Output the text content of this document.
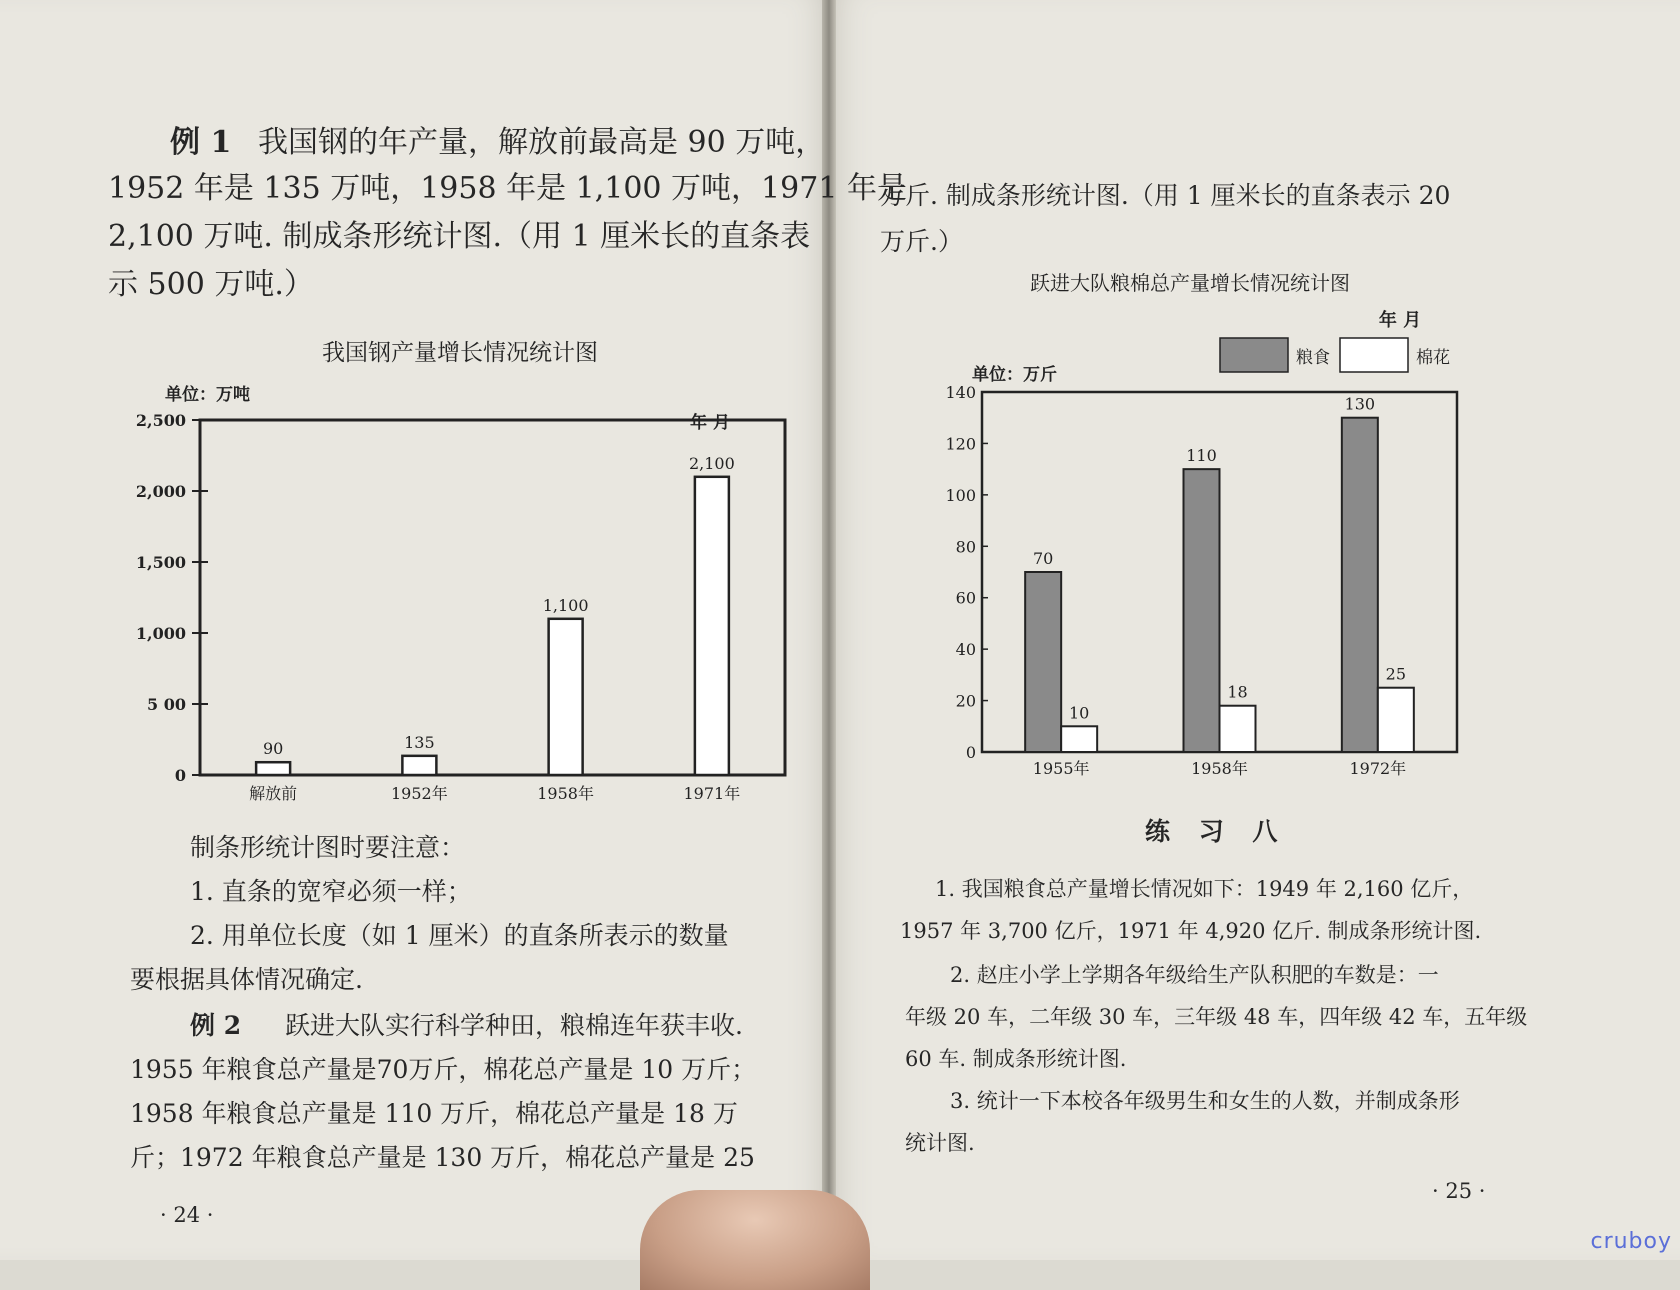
例 1 我国钢的年产量，解放前最高是 90 万吨，
1952 年是 135 万吨，1958 年是 1,100 万吨，1971 年是
2,100 万吨. 制成条形统计图.（用 1 厘米长的直条表
示 500 万吨.）
我国钢产量增长情况统计图
单位：万吨
年 月
0
5 00
1,000
1,500
2,000
2,500
90
解放前
135
1952年
1,100
1958年
2,100
1971年
制条形统计图时要注意：
1. 直条的宽窄必须一样；
2. 用单位长度（如 1 厘米）的直条所表示的数量
要根据具体情况确定.
例 2 跃进大队实行科学种田，粮棉连年获丰收.
1955 年粮食总产量是70万斤，棉花总产量是 10 万斤；
1958 年粮食总产量是 110 万斤，棉花总产量是 18 万
斤；1972 年粮食总产量是 130 万斤，棉花总产量是 25
· 24 ·
万斤. 制成条形统计图.（用 1 厘米长的直条表示 20
万斤.）
跃进大队粮棉总产量增长情况统计图
年 月
粮食	棉花
单位：万斤
0
20
40
60
80
100
120
140
70
10
1955年
110
18
1958年
130
25
1972年
练 习 八
1. 我国粮食总产量增长情况如下：1949 年 2,160 亿斤，
1957 年 3,700 亿斤，1971 年 4,920 亿斤. 制成条形统计图.
2. 赵庄小学上学期各年级给生产队积肥的车数是：一
年级 20 车，二年级 30 车，三年级 48 车，四年级 42 车，五年级
60 车. 制成条形统计图.
3. 统计一下本校各年级男生和女生的人数，并制成条形
统计图.
· 25 ·
cruboy
